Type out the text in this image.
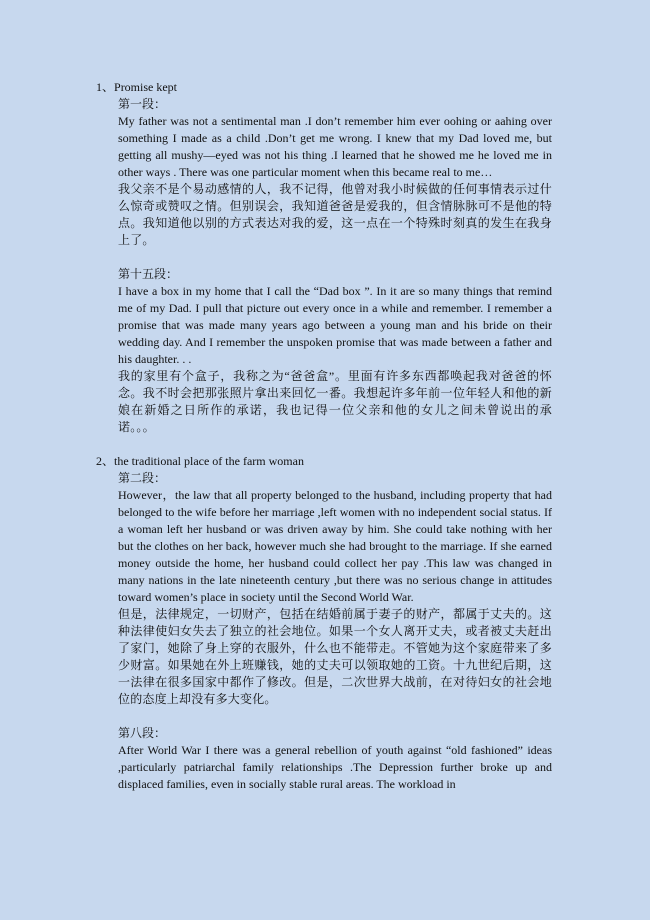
1、Promise kept

第一段：

My father was not a sentimental man .I don’t remember him ever oohing or aahing over something I made as a child .Don’t get me wrong. I knew that my Dad loved me, but getting all mushy—eyed was not his thing .I learned that he showed me he loved me in other ways . There was one particular moment when this became real to me…

我父亲不是个易动感情的人，我不记得，他曾对我小时候做的任何事情表示过什么惊奇或赞叹之情。但别误会，我知道爸爸是爱我的，但含情脉脉可不是他的特点。我知道他以别的方式表达对我的爱，这一点在一个特殊时刻真的发生在我身上了。

第十五段：

I have a box in my home that I call the “Dad box ”. In it are so many things that remind me of my Dad. I pull that picture out every once in a while and remember. I remember a promise that was made many years ago between a young man and his bride on their wedding day. And I remember the unspoken promise that was made between a father and his daughter. . .

我的家里有个盒子，我称之为“爸爸盒”。里面有许多东西都唤起我对爸爸的怀念。我不时会把那张照片拿出来回忆一番。我想起许多年前一位年轻人和他的新娘在新婚之日所作的承诺，我也记得一位父亲和他的女儿之间未曾说出的承诺。。。

2、the traditional place of the farm woman

第二段：

However，the law that all property belonged to the husband, including property that had belonged to the wife before her marriage ,left women with no independent social status. If a woman left her husband or was driven away by him. She could take nothing with her but the clothes on her back, however much she had brought to the marriage. If she earned money outside the home, her husband could collect her pay .This law was changed in many nations in the late nineteenth century ,but there was no serious change in attitudes toward women’s place in society until the Second World War.

但是，法律规定，一切财产，包括在结婚前属于妻子的财产，都属于丈夫的。这种法律使妇女失去了独立的社会地位。如果一个女人离开丈夫，或者被丈夫赶出了家门，她除了身上穿的衣服外，什么也不能带走。不管她为这个家庭带来了多少财富。如果她在外上班赚钱，她的丈夫可以领取她的工资。十九世纪后期，这一法律在很多国家中都作了修改。但是，二次世界大战前，在对待妇女的社会地位的态度上却没有多大变化。

第八段：

After World War I there was a general rebellion of youth against “old fashioned” ideas ,particularly patriarchal family relationships .The Depression further broke up and displaced families, even in socially stable rural areas. The workload in
